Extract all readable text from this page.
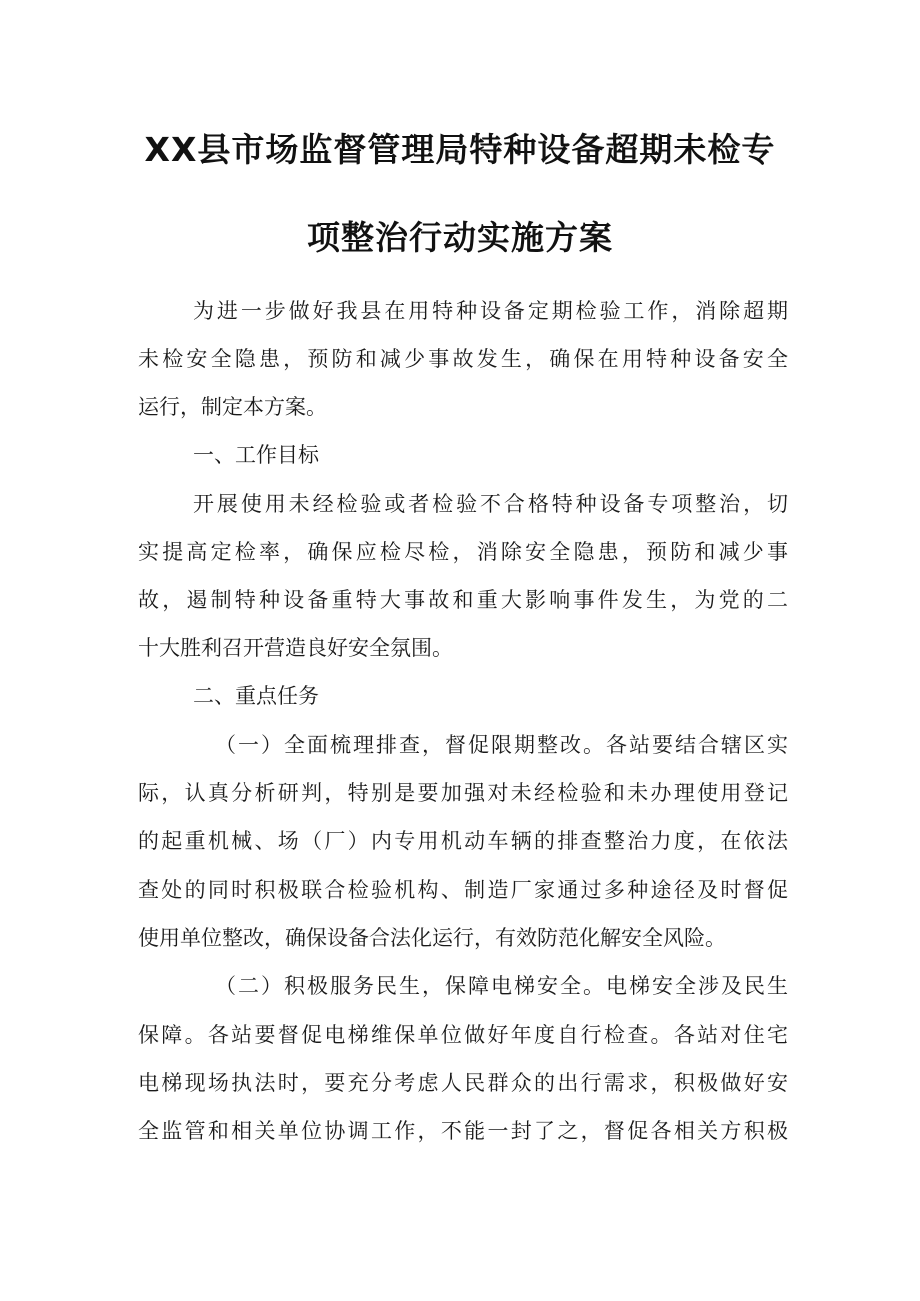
XX县市场监督管理局特种设备超期未检专
项整治行动实施方案
为进一步做好我县在用特种设备定期检验工作，消除超期
未检安全隐患，预防和减少事故发生，确保在用特种设备安全
运行，制定本方案。
一、工作目标
开展使用未经检验或者检验不合格特种设备专项整治，切
实提高定检率，确保应检尽检，消除安全隐患，预防和减少事
故，遏制特种设备重特大事故和重大影响事件发生，为党的二
十大胜利召开营造良好安全氛围。
二、重点任务
（一）全面梳理排查，督促限期整改。各站要结合辖区实
际，认真分析研判，特别是要加强对未经检验和未办理使用登记
的起重机械、场（厂）内专用机动车辆的排查整治力度，在依法
查处的同时积极联合检验机构、制造厂家通过多种途径及时督促
使用单位整改，确保设备合法化运行，有效防范化解安全风险。
（二）积极服务民生，保障电梯安全。电梯安全涉及民生
保障。各站要督促电梯维保单位做好年度自行检查。各站对住宅
电梯现场执法时，要充分考虑人民群众的出行需求，积极做好安
全监管和相关单位协调工作，不能一封了之，督促各相关方积极
